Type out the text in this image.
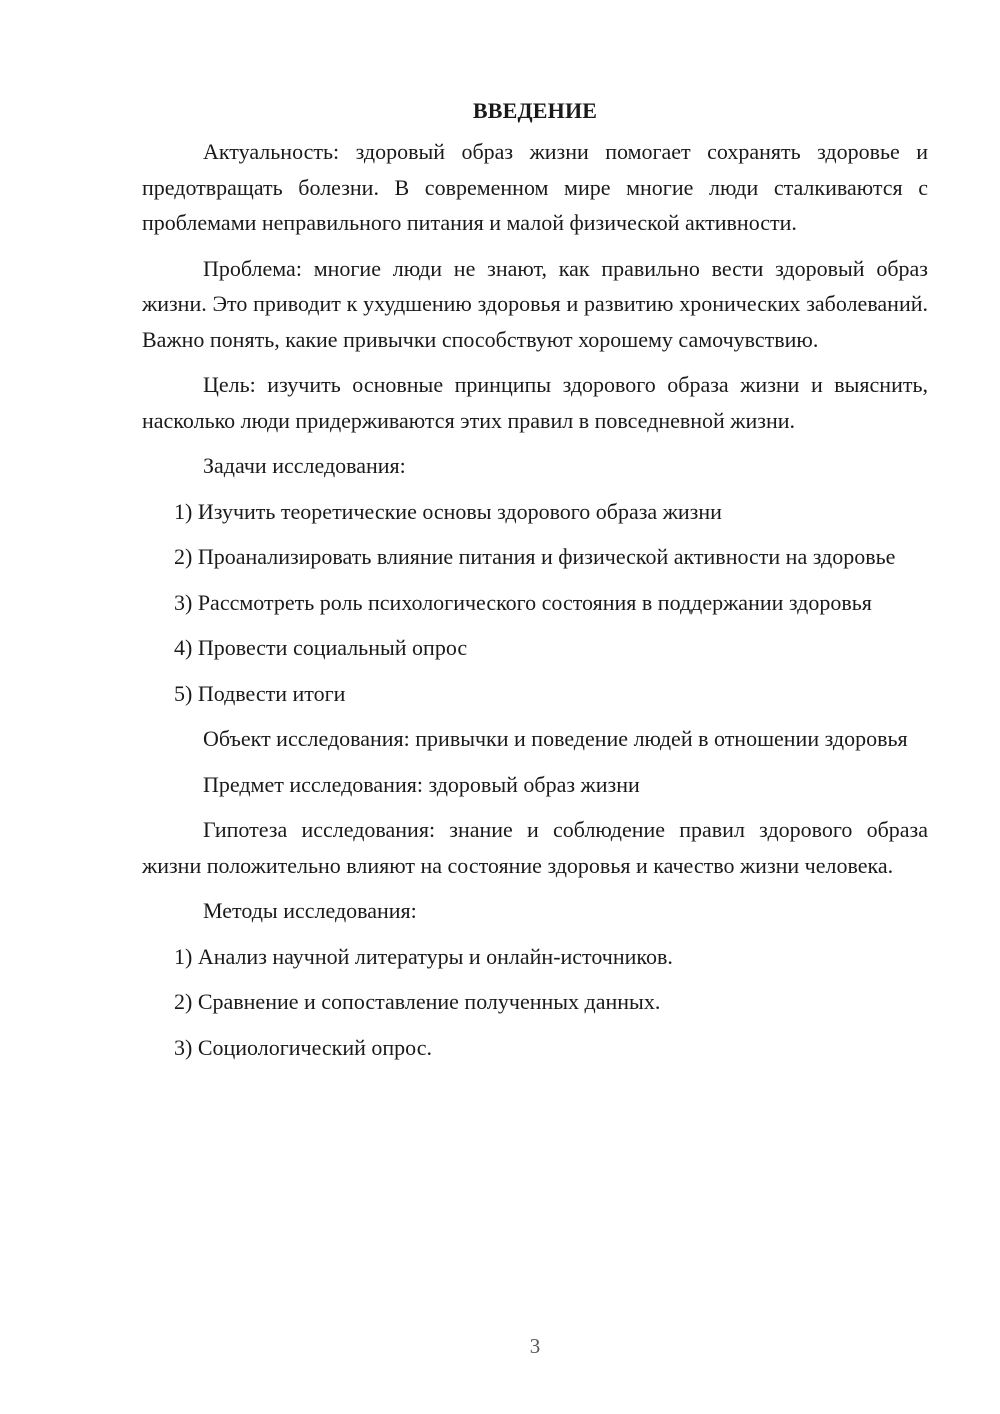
ВВЕДЕНИЕ

Актуальность: здоровый образ жизни помогает сохранять здоровье и предотвращать болезни. В современном мире многие люди сталкиваются с проблемами неправильного питания и малой физической активности.

Проблема: многие люди не знают, как правильно вести здоровый образ жизни. Это приводит к ухудшению здоровья и развитию хронических заболеваний. Важно понять, какие привычки способствуют хорошему самочувствию.

Цель: изучить основные принципы здорового образа жизни и выяснить, насколько люди придерживаются этих правил в повседневной жизни.

Задачи исследования:

1) Изучить теоретические основы здорового образа жизни

2) Проанализировать влияние питания и физической активности на здоровье

3) Рассмотреть роль психологического состояния в поддержании здоровья

4) Провести социальный опрос

5) Подвести итоги

Объект исследования: привычки и поведение людей в отношении здоровья

Предмет исследования: здоровый образ жизни

Гипотеза исследования: знание и соблюдение правил здорового образа жизни положительно влияют на состояние здоровья и качество жизни человека.

Методы исследования:

1) Анализ научной литературы и онлайн-источников.

2) Сравнение и сопоставление полученных данных.

3) Социологический опрос.

3
